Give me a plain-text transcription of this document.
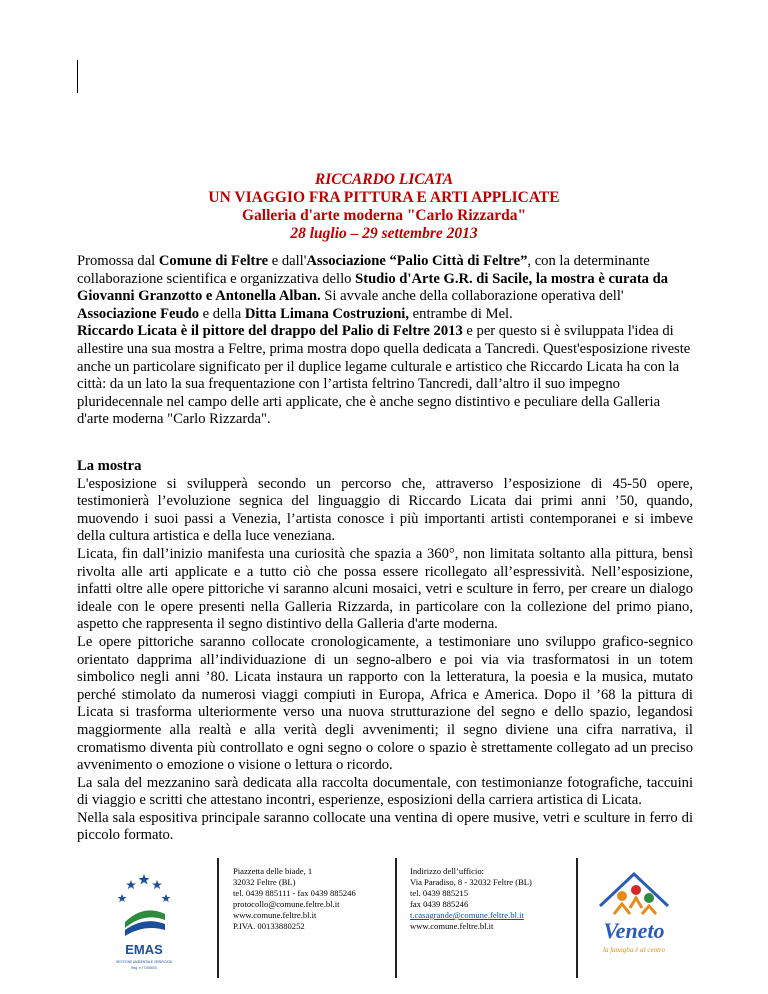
RICCARDO LICATA
UN VIAGGIO FRA PITTURA E ARTI APPLICATE
Galleria d'arte moderna "Carlo Rizzarda"
28 luglio – 29 settembre 2013

Promossa dal Comune di Feltre e dall'Associazione “Palio Città di Feltre”, con la determinante collaborazione scientifica e organizzativa dello Studio d'Arte G.R. di Sacile, la mostra è curata da Giovanni Granzotto e Antonella Alban. Si avvale anche della collaborazione operativa dell' Associazione Feudo e della Ditta Limana Costruzioni, entrambe di Mel.

Riccardo Licata è il pittore del drappo del Palio di Feltre 2013 e per questo si è sviluppata l'idea di allestire una sua mostra a Feltre, prima mostra dopo quella dedicata a Tancredi. Quest'esposizione riveste anche un particolare significato per il duplice legame culturale e artistico che Riccardo Licata ha con la città: da un lato la sua frequentazione con l’artista feltrino Tancredi, dall’altro il suo impegno pluridecennale nel campo delle arti applicate, che è anche segno distintivo e peculiare della Galleria d'arte moderna "Carlo Rizzarda".

La mostra

L'esposizione si svilupperà secondo un percorso che, attraverso l’esposizione di 45-50 opere, testimonierà l’evoluzione segnica del linguaggio di Riccardo Licata dai primi anni ’50, quando, muovendo i suoi passi a Venezia, l’artista conosce i più importanti artisti contemporanei e si imbeve della cultura artistica e della luce veneziana.

Licata, fin dall’inizio manifesta una curiosità che spazia a 360°, non limitata soltanto alla pittura, bensì rivolta alle arti applicate e a tutto ciò che possa essere ricollegato all’espressività. Nell’esposizione, infatti oltre alle opere pittoriche vi saranno alcuni mosaici, vetri e sculture in ferro, per creare un dialogo ideale con le opere presenti nella Galleria Rizzarda, in particolare con la collezione del primo piano, aspetto che rappresenta il segno distintivo della Galleria d'arte moderna.

Le opere pittoriche saranno collocate cronologicamente, a testimoniare uno sviluppo grafico-segnico orientato dapprima all’individuazione di un segno-albero e poi via via trasformatosi in un totem simbolico negli anni ’80. Licata instaura un rapporto con la letteratura, la poesia e la musica, mutato perché stimolato da numerosi viaggi compiuti in Europa, Africa e America. Dopo il ’68 la pittura di Licata si trasforma ulteriormente verso una nuova strutturazione del segno e dello spazio, legandosi maggiormente alla realtà e alla verità degli avvenimenti; il segno diviene una cifra narrativa, il cromatismo diventa più controllato e ogni segno o colore o spazio è strettamente collegato ad un preciso avvenimento o emozione o visione o lettura o ricordo.

La sala del mezzanino sarà dedicata alla raccolta documentale, con testimonianze fotografiche, taccuini di viaggio e scritti che attestano incontri, esperienze, esposizioni della carriera artistica di Licata.

Nella sala espositiva principale saranno collocate una ventina di opere musive, vetri e sculture in ferro di piccolo formato.

EMAS
GESTIONE AMBIENTALE VERIFICATA
Reg. n. IT-000000
Piazzetta delle biade, 1
32032 Feltre (BL)
tel. 0439 885111 - fax 0439 885246
protocollo@comune.feltre.bl.it
www.comune.feltre.bl.it
P.IVA. 00133880252
Indirizzo dell’ufficio:
Via Paradiso, 8 - 32032 Feltre (BL)
tel. 0439 885215
fax 0439 885246
t.casagrande@comune.feltre.bl.it
www.comune.feltre.bl.it	Veneto
la famiglia è al centro
